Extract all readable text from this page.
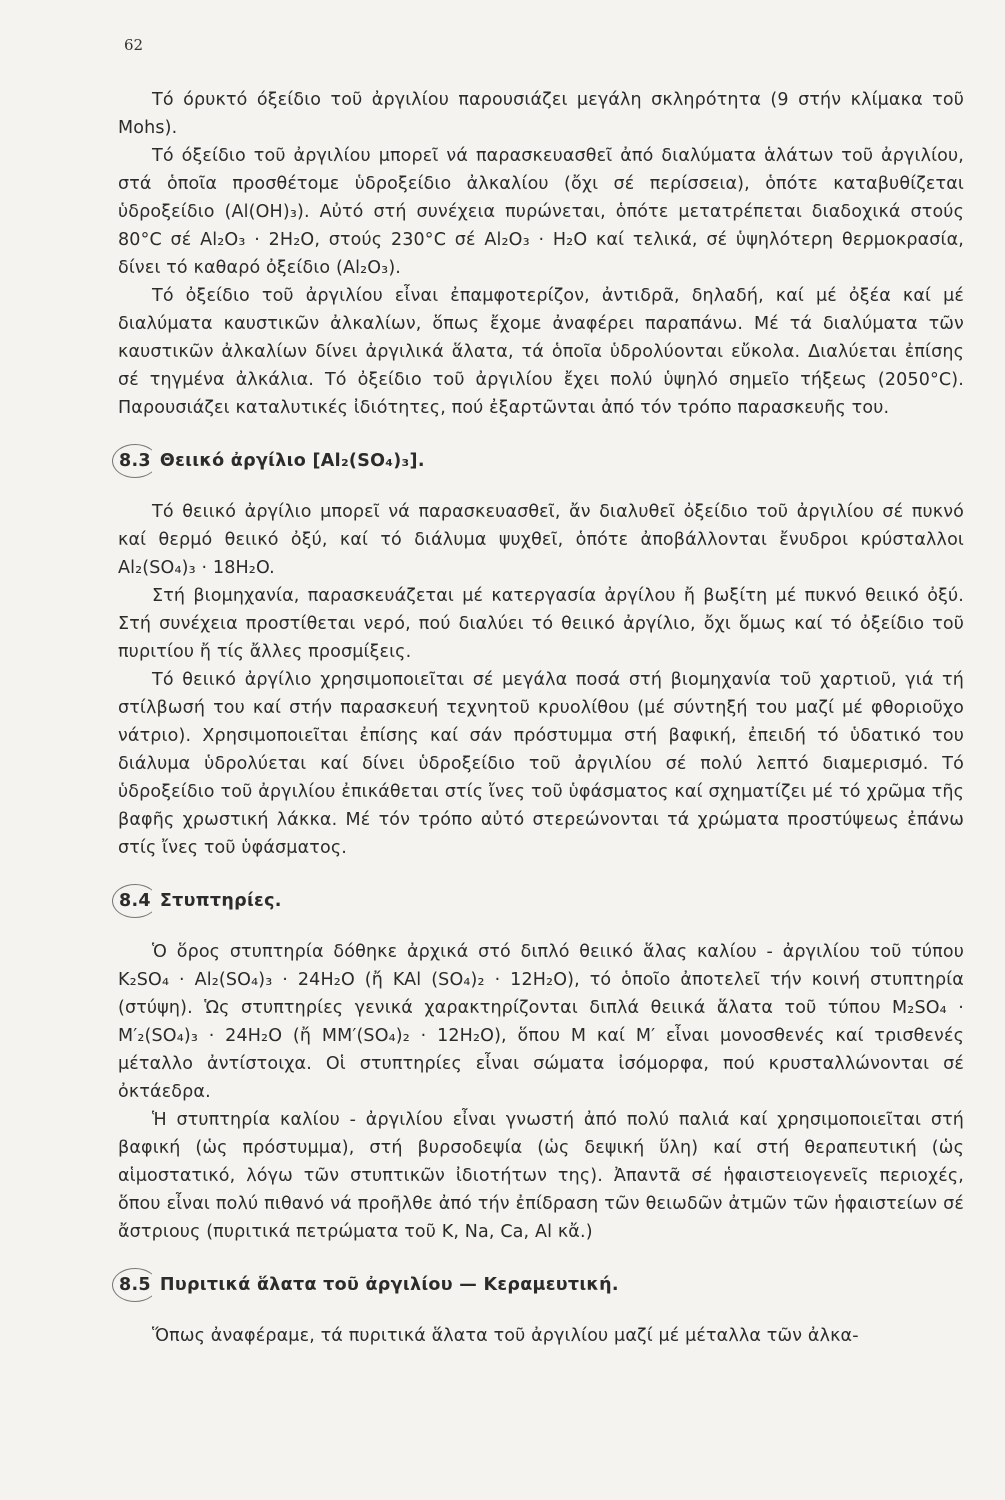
62

Τό όρυκτό όξείδιο τοῦ ἀργιλίου παρουσιάζει μεγάλη σκληρότητα (9 στήν κλίμακα τοῦ Mohs).

Τό όξείδιο τοῦ ἀργιλίου μπορεῖ νά παρασκευασθεῖ ἀπό διαλύματα ἁλάτων τοῦ ἀργιλίου, στά ὁποῖα προσθέτομε ὑδροξείδιο ἀλκαλίου (ὄχι σέ περίσσεια), ὁπότε καταβυθίζεται ὑδροξείδιο (Al(OH)₃). Αὐτό στή συνέχεια πυρώνεται, ὁπότε μετατρέπεται διαδοχικά στούς 80°C σέ Al₂O₃ · 2H₂O, στούς 230°C σέ Al₂O₃ · H₂O καί τελικά, σέ ὑψηλότερη θερμοκρασία, δίνει τό καθαρό ὀξείδιο (Al₂O₃).

Τό ὀξείδιο τοῦ ἀργιλίου εἶναι ἐπαμφοτερίζον, ἀντιδρᾶ, δηλαδή, καί μέ ὀξέα καί μέ διαλύματα καυστικῶν ἀλκαλίων, ὅπως ἔχομε ἀναφέρει παραπάνω. Μέ τά διαλύματα τῶν καυστικῶν ἀλκαλίων δίνει ἀργιλικά ἅλατα, τά ὁποῖα ὑδρολύονται εὔκολα. Διαλύεται ἐπίσης σέ τηγμένα ἀλκάλια. Τό ὀξείδιο τοῦ ἀργιλίου ἔχει πολύ ὑψηλό σημεῖο τήξεως (2050°C). Παρουσιάζει καταλυτικές ἰδιότητες, πού ἐξαρτῶνται ἀπό τόν τρόπο παρασκευῆς του.

8.3 Θειικό ἀργίλιο [Al₂(SO₄)₃].

Τό θειικό ἀργίλιο μπορεῖ νά παρασκευασθεῖ, ἄν διαλυθεῖ ὀξείδιο τοῦ ἀργιλίου σέ πυκνό καί θερμό θειικό ὀξύ, καί τό διάλυμα ψυχθεῖ, ὁπότε ἀποβάλλονται ἔνυδροι κρύσταλλοι Al₂(SO₄)₃ · 18H₂O.

Στή βιομηχανία, παρασκευάζεται μέ κατεργασία ἀργίλου ἤ βωξίτη μέ πυκνό θειικό ὀξύ. Στή συνέχεια προστίθεται νερό, πού διαλύει τό θειικό ἀργίλιο, ὄχι ὅμως καί τό ὀξείδιο τοῦ πυριτίου ἤ τίς ἄλλες προσμίξεις.

Τό θειικό ἀργίλιο χρησιμοποιεῖται σέ μεγάλα ποσά στή βιομηχανία τοῦ χαρτιοῦ, γιά τή στίλβωσή του καί στήν παρασκευή τεχνητοῦ κρυολίθου (μέ σύντηξή του μαζί μέ φθοριοῦχο νάτριο). Χρησιμοποιεῖται ἐπίσης καί σάν πρόστυμμα στή βαφική, ἐπειδή τό ὑδατικό του διάλυμα ὑδρολύεται καί δίνει ὑδροξείδιο τοῦ ἀργιλίου σέ πολύ λεπτό διαμερισμό. Τό ὑδροξείδιο τοῦ ἀργιλίου ἐπικάθεται στίς ἴνες τοῦ ὑφάσματος καί σχηματίζει μέ τό χρῶμα τῆς βαφῆς χρωστική λάκκα. Μέ τόν τρόπο αὐτό στερεώνονται τά χρώματα προστύψεως ἐπάνω στίς ἴνες τοῦ ὑφάσματος.

8.4 Στυπτηρίες.

Ὁ ὅρος στυπτηρία δόθηκε ἀρχικά στό διπλό θειικό ἅλας καλίου - ἀργιλίου τοῦ τύπου K₂SO₄ · Al₂(SO₄)₃ · 24H₂O (ἤ KAl (SO₄)₂ · 12H₂O), τό ὁποῖο ἀποτελεῖ τήν κοινή στυπτηρία (στύψη). Ὡς στυπτηρίες γενικά χαρακτηρίζονται διπλά θειικά ἅλατα τοῦ τύπου M₂SO₄ · M′₂(SO₄)₃ · 24H₂O (ἤ MM′(SO₄)₂ · 12H₂O), ὅπου M καί M′ εἶναι μονοσθενές καί τρισθενές μέταλλο ἀντίστοιχα. Οἱ στυπτηρίες εἶναι σώματα ἰσόμορφα, πού κρυσταλλώνονται σέ ὀκτάεδρα.

Ἡ στυπτηρία καλίου - ἀργιλίου εἶναι γνωστή ἀπό πολύ παλιά καί χρησιμοποιεῖται στή βαφική (ὡς πρόστυμμα), στή βυρσοδεψία (ὡς δεψική ὕλη) καί στή θεραπευτική (ὡς αἱμοστατικό, λόγω τῶν στυπτικῶν ἰδιοτήτων της). Ἀπαντᾶ σέ ἡφαιστειογενεῖς περιοχές, ὅπου εἶναι πολύ πιθανό νά προῆλθε ἀπό τήν ἐπίδραση τῶν θειωδῶν ἀτμῶν τῶν ἡφαιστείων σέ ἄστριους (πυριτικά πετρώματα τοῦ K, Na, Ca, Al κἄ.)

8.5 Πυριτικά ἅλατα τοῦ ἀργιλίου — Κεραμευτική.

Ὅπως ἀναφέραμε, τά πυριτικά ἅλατα τοῦ ἀργιλίου μαζί μέ μέταλλα τῶν ἀλκα-
